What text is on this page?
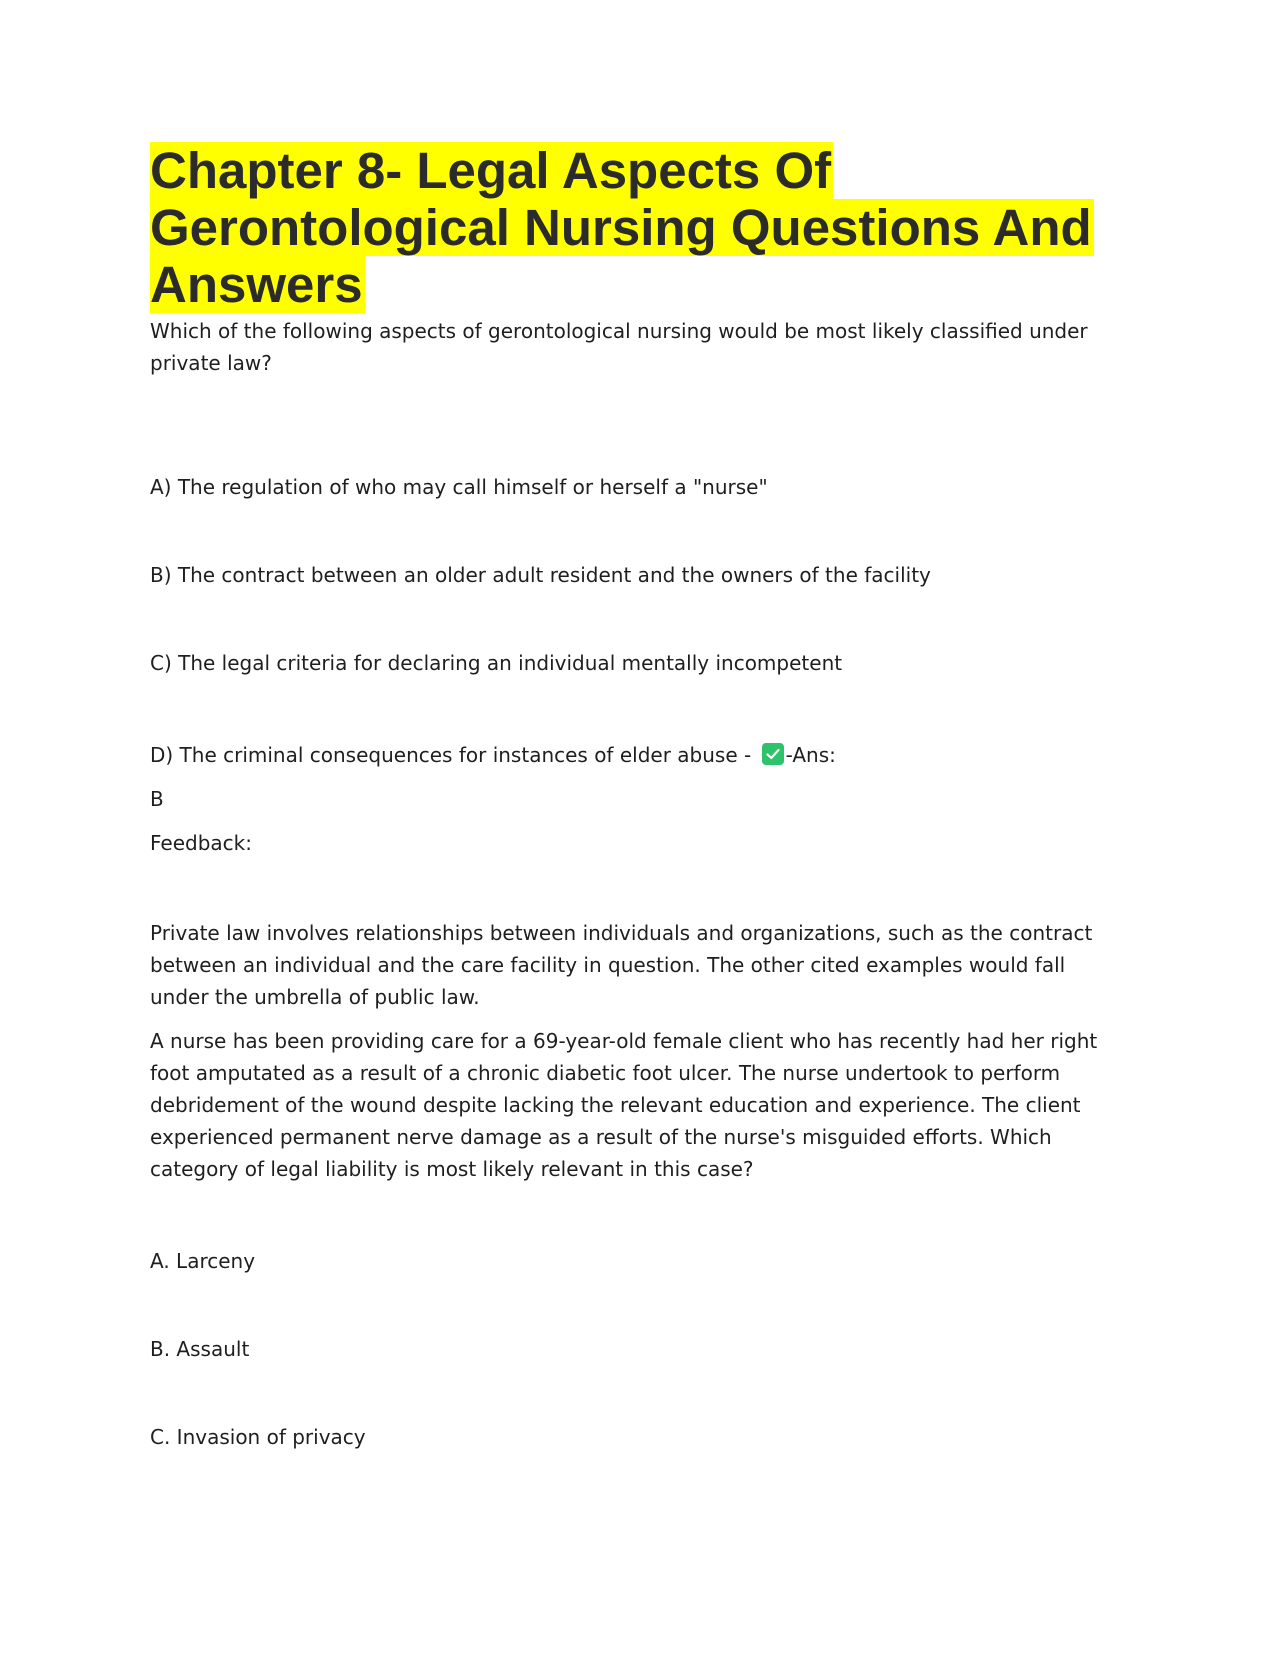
Chapter 8- Legal Aspects Of
Gerontological Nursing Questions And
Answers

Which of the following aspects of gerontological nursing would be most likely classified under private law?

A) The regulation of who may call himself or herself a "nurse"

B) The contract between an older adult resident and the owners of the facility

C) The legal criteria for declaring an individual mentally incompetent

D) The criminal consequences for instances of elder abuse - -Ans:

B

Feedback:

Private law involves relationships between individuals and organizations, such as the contract between an individual and the care facility in question. The other cited examples would fall under the umbrella of public law.

A nurse has been providing care for a 69-year-old female client who has recently had her right foot amputated as a result of a chronic diabetic foot ulcer. The nurse undertook to perform debridement of the wound despite lacking the relevant education and experience. The client experienced permanent nerve damage as a result of the nurse's misguided efforts. Which category of legal liability is most likely relevant in this case?

A. Larceny

B. Assault

C. Invasion of privacy
